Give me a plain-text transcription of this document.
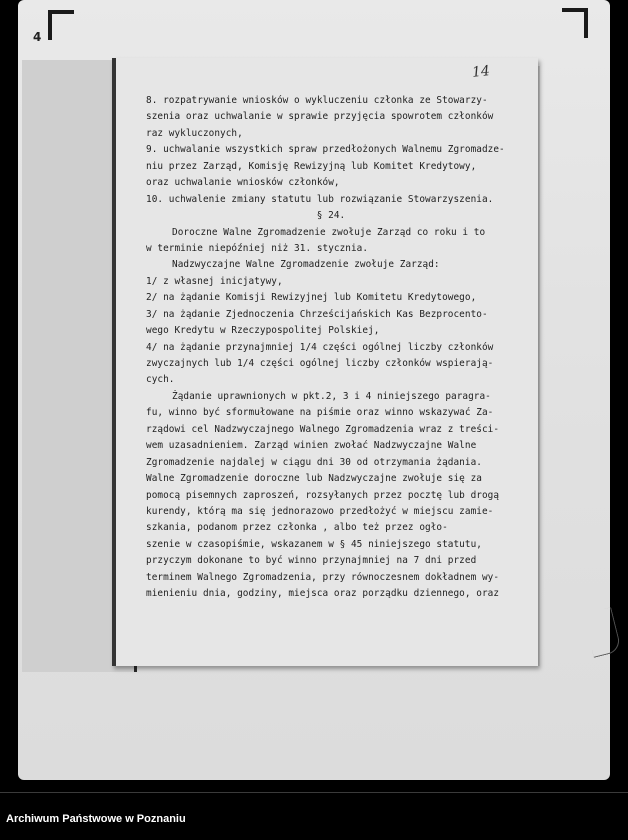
4
14
8. rozpatrywanie wniosków o wykluczeniu członka ze Stowarzy-
szenia oraz uchwalanie w sprawie przyjęcia spowrotem członków
raz wykluczonych,
9. uchwalanie wszystkich spraw przedłożonych Walnemu Zgromadze-
niu przez Zarząd, Komisję Rewizyjną lub Komitet Kredytowy,
oraz uchwalanie wniosków członków,
10. uchwalenie zmiany statutu lub rozwiązanie Stowarzyszenia.
§ 24.
Doroczne Walne Zgromadzenie zwołuje Zarząd co roku i to
w terminie niepóźniej niż 31. stycznia.
Nadzwyczajne Walne Zgromadzenie zwołuje Zarząd:
1/ z własnej inicjatywy,
2/ na żądanie Komisji Rewizyjnej lub Komitetu Kredytowego,
3/ na żądanie Zjednoczenia Chrześcijańskich Kas Bezprocento-
wego Kredytu w Rzeczypospolitej Polskiej,
4/ na żądanie przynajmniej 1/4 części ogólnej liczby członków
zwyczajnych lub 1/4 części ogólnej liczby członków wspierają-
cych.
Żądanie uprawnionych w pkt.2, 3 i 4 niniejszego paragra-
fu, winno być sformułowane na piśmie oraz winno wskazywać Za-
rządowi cel Nadzwyczajnego Walnego Zgromadzenia wraz z treści-
wem uzasadnieniem. Zarząd winien zwołać Nadzwyczajne Walne
Zgromadzenie najdalej w ciągu dni 30 od otrzymania żądania.
Walne Zgromadzenie doroczne lub Nadzwyczajne zwołuje się za
pomocą pisemnych zaproszeń, rozsyłanych przez pocztę lub drogą
kurendy, którą ma się jednorazowo przedłożyć w miejscu zamie-
szkania, podanom przez członka , albo też przez ogło-
szenie w czasopiśmie, wskazanem w § 45 niniejszego statutu,
przyczym dokonane to być winno przynajmniej na 7 dni przed
terminem Walnego Zgromadzenia, przy równoczesnem dokładnem wy-
mienieniu dnia, godziny, miejsca oraz porządku dziennego, oraz
Archiwum Państwowe w Poznaniu
